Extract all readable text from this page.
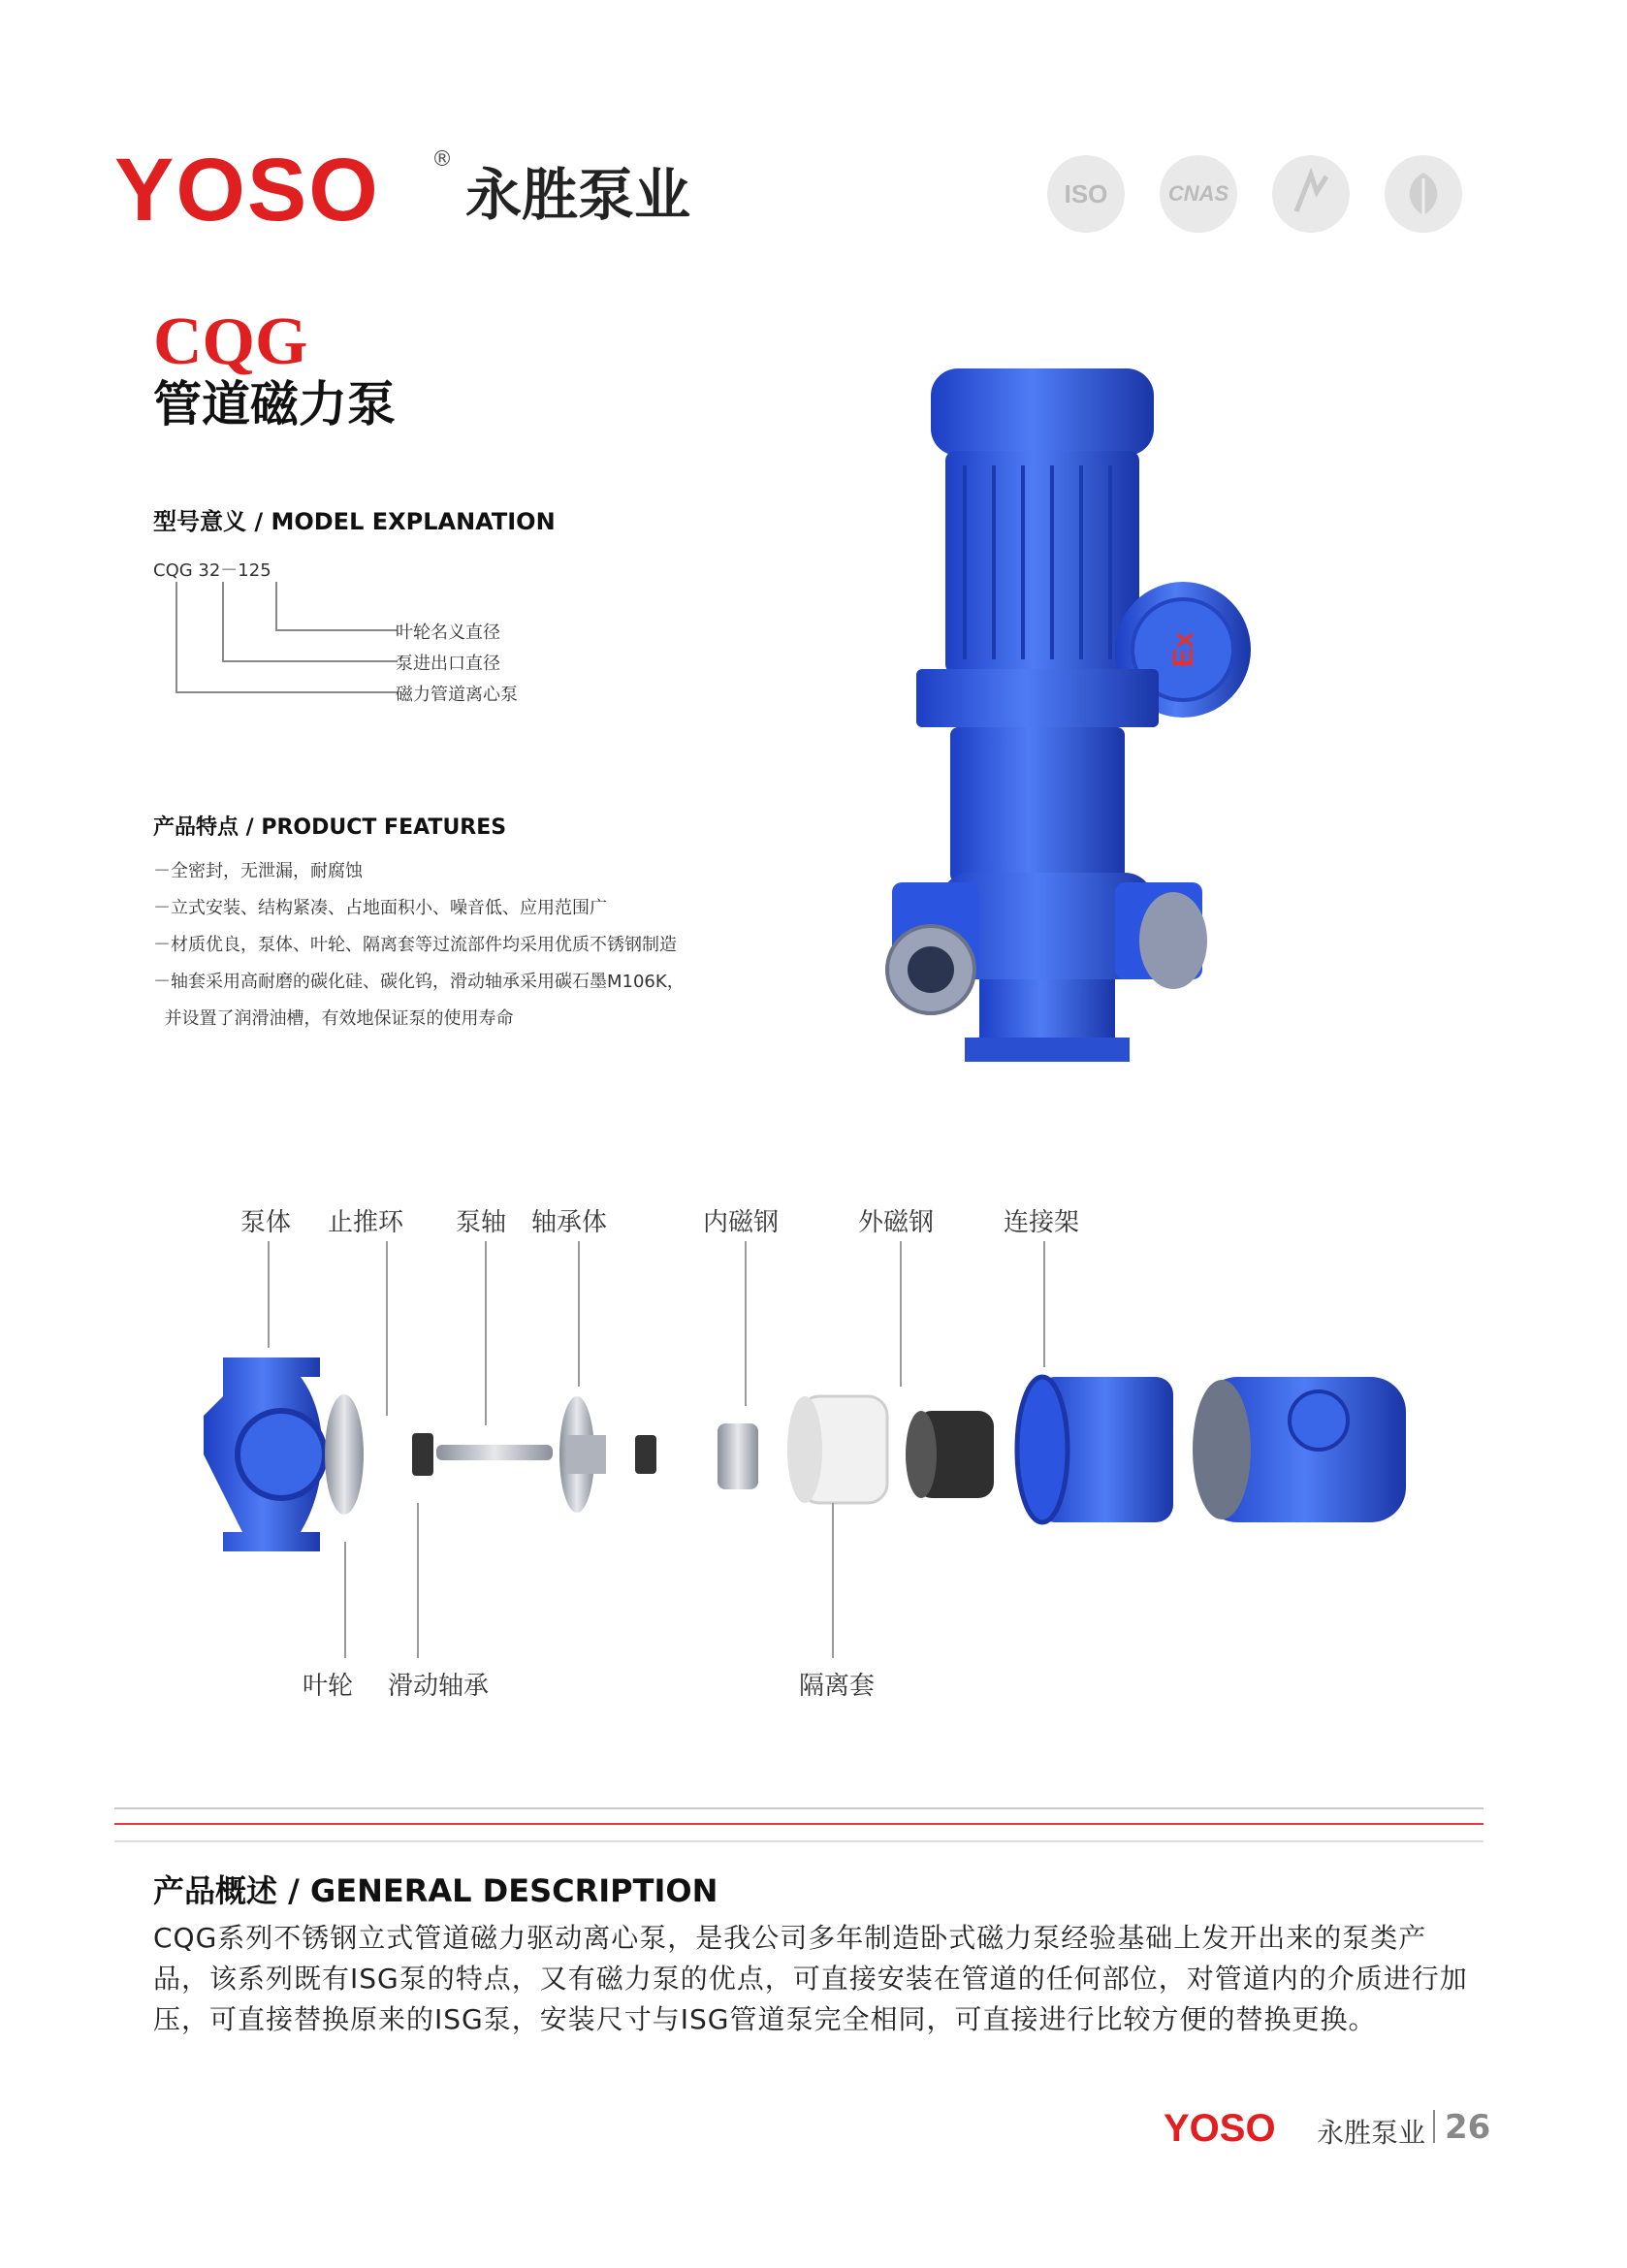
YOSO ®
永胜泵业	ISO	CNAS
CQG
管道磁力泵
型号意义 / MODEL EXPLANATION
CQG 32－125
叶轮名义直径
泵进出口直径
磁力管道离心泵
产品特点 / PRODUCT FEATURES
－全密封，无泄漏，耐腐蚀
－立式安装、结构紧凑、占地面积小、噪音低、应用范围广
－材质优良，泵体、叶轮、隔离套等过流部件均采用优质不锈钢制造
－轴套采用高耐磨的碳化硅、碳化钨，滑动轴承采用碳石墨M106K，
并设置了润滑油槽，有效地保证泵的使用寿命
Ex
泵体 止推环 泵轴 轴承体	内磁钢	外磁钢	连接架
叶轮 滑动轴承	隔离套
产品概述 / GENERAL DESCRIPTION
CQG系列不锈钢立式管道磁力驱动离心泵，是我公司多年制造卧式磁力泵经验基础上发开出来的泵类产品，该系列既有ISG泵的特点，又有磁力泵的优点，可直接安装在管道的任何部位，对管道内的介质进行加压，可直接替换原来的ISG泵，安装尺寸与ISG管道泵完全相同，可直接进行比较方便的替换更换。
YOSO 永胜泵业 26
